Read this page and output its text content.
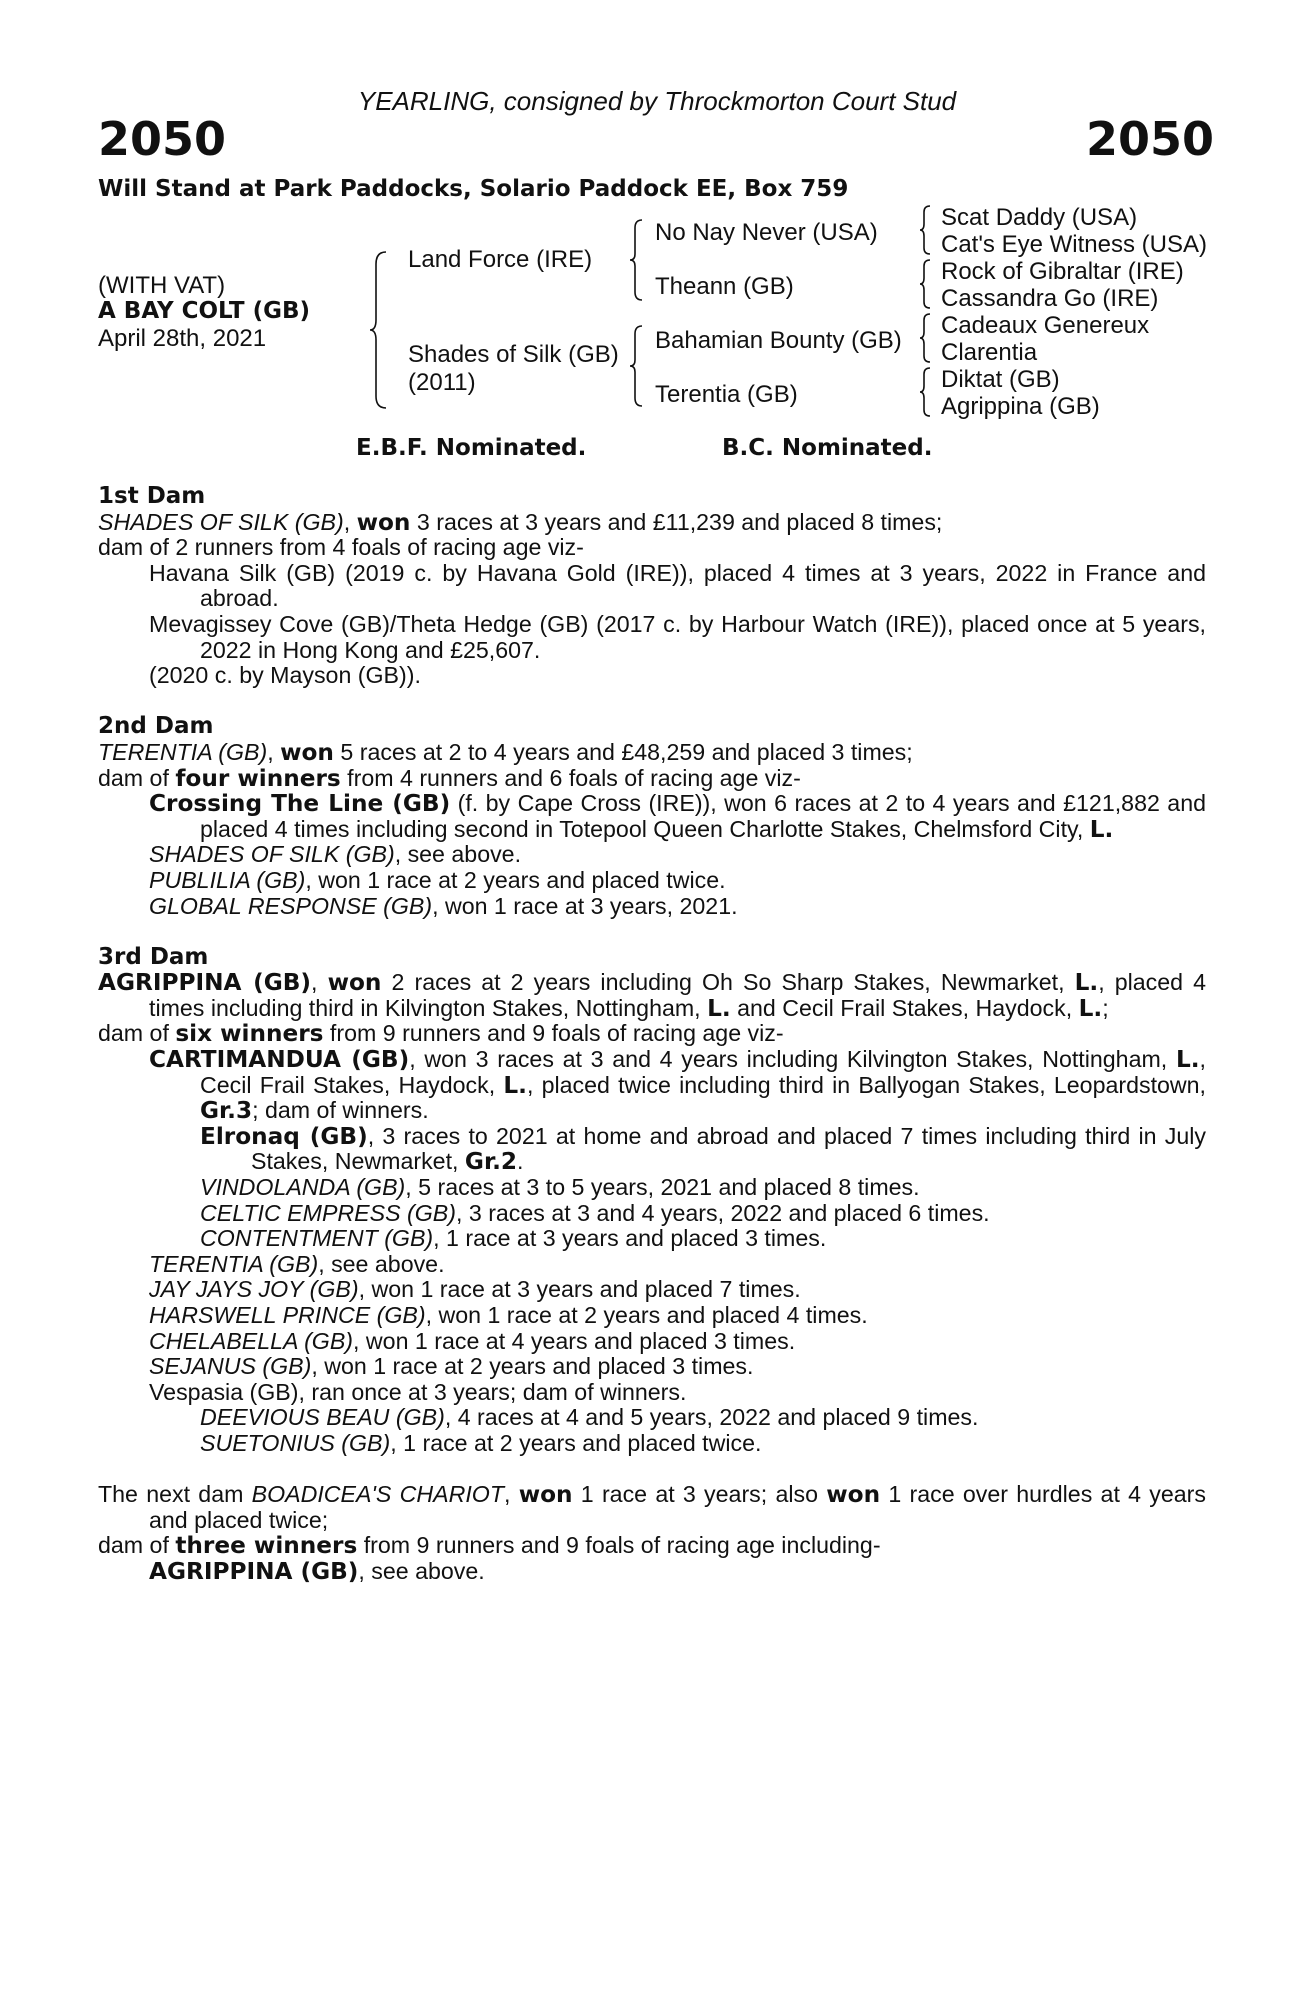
YEARLING, consigned by Throckmorton Court Stud
2050	2050
Will Stand at Park Paddocks, Solario Paddock EE, Box 759
(WITH VAT)
A BAY COLT (GB)
April 28th, 2021
Land Force (IRE)
Shades of Silk (GB)
(2011)
No Nay Never (USA)
Theann (GB)
Bahamian Bounty (GB)
Terentia (GB)
Scat Daddy (USA)
Cat's Eye Witness (USA)
Rock of Gibraltar (IRE)
Cassandra Go (IRE)
Cadeaux Genereux
Clarentia
Diktat (GB)
Agrippina (GB)
E.B.F. Nominated.	B.C. Nominated.
1st Dam
SHADES OF SILK (GB), won 3 races at 3 years and £11,239 and placed 8 times;
dam of 2 runners from 4 foals of racing age viz-
Havana Silk (GB) (2019 c. by Havana Gold (IRE)), placed 4 times at 3 years, 2022 in France and abroad.
Mevagissey Cove (GB)/Theta Hedge (GB) (2017 c. by Harbour Watch (IRE)), placed once at 5 years, 2022 in Hong Kong and £25,607.
(2020 c. by Mayson (GB)).
2nd Dam
TERENTIA (GB), won 5 races at 2 to 4 years and £48,259 and placed 3 times;
dam of four winners from 4 runners and 6 foals of racing age viz-
Crossing The Line (GB) (f. by Cape Cross (IRE)), won 6 races at 2 to 4 years and £121,882 and placed 4 times including second in Totepool Queen Charlotte Stakes, Chelmsford City, L.
SHADES OF SILK (GB), see above.
PUBLILIA (GB), won 1 race at 2 years and placed twice.
GLOBAL RESPONSE (GB), won 1 race at 3 years, 2021.
3rd Dam
AGRIPPINA (GB), won 2 races at 2 years including Oh So Sharp Stakes, Newmarket, L., placed 4 times including third in Kilvington Stakes, Nottingham, L. and Cecil Frail Stakes, Haydock, L.;
dam of six winners from 9 runners and 9 foals of racing age viz-
CARTIMANDUA (GB), won 3 races at 3 and 4 years including Kilvington Stakes, Nottingham, L., Cecil Frail Stakes, Haydock, L., placed twice including third in Ballyogan Stakes, Leopardstown, Gr.3; dam of winners.
Elronaq (GB), 3 races to 2021 at home and abroad and placed 7 times including third in July Stakes, Newmarket, Gr.2.
VINDOLANDA (GB), 5 races at 3 to 5 years, 2021 and placed 8 times.
CELTIC EMPRESS (GB), 3 races at 3 and 4 years, 2022 and placed 6 times.
CONTENTMENT (GB), 1 race at 3 years and placed 3 times.
TERENTIA (GB), see above.
JAY JAYS JOY (GB), won 1 race at 3 years and placed 7 times.
HARSWELL PRINCE (GB), won 1 race at 2 years and placed 4 times.
CHELABELLA (GB), won 1 race at 4 years and placed 3 times.
SEJANUS (GB), won 1 race at 2 years and placed 3 times.
Vespasia (GB), ran once at 3 years; dam of winners.
DEEVIOUS BEAU (GB), 4 races at 4 and 5 years, 2022 and placed 9 times.
SUETONIUS (GB), 1 race at 2 years and placed twice.
The next dam BOADICEA'S CHARIOT, won 1 race at 3 years; also won 1 race over hurdles at 4 years and placed twice;
dam of three winners from 9 runners and 9 foals of racing age including-
AGRIPPINA (GB), see above.
